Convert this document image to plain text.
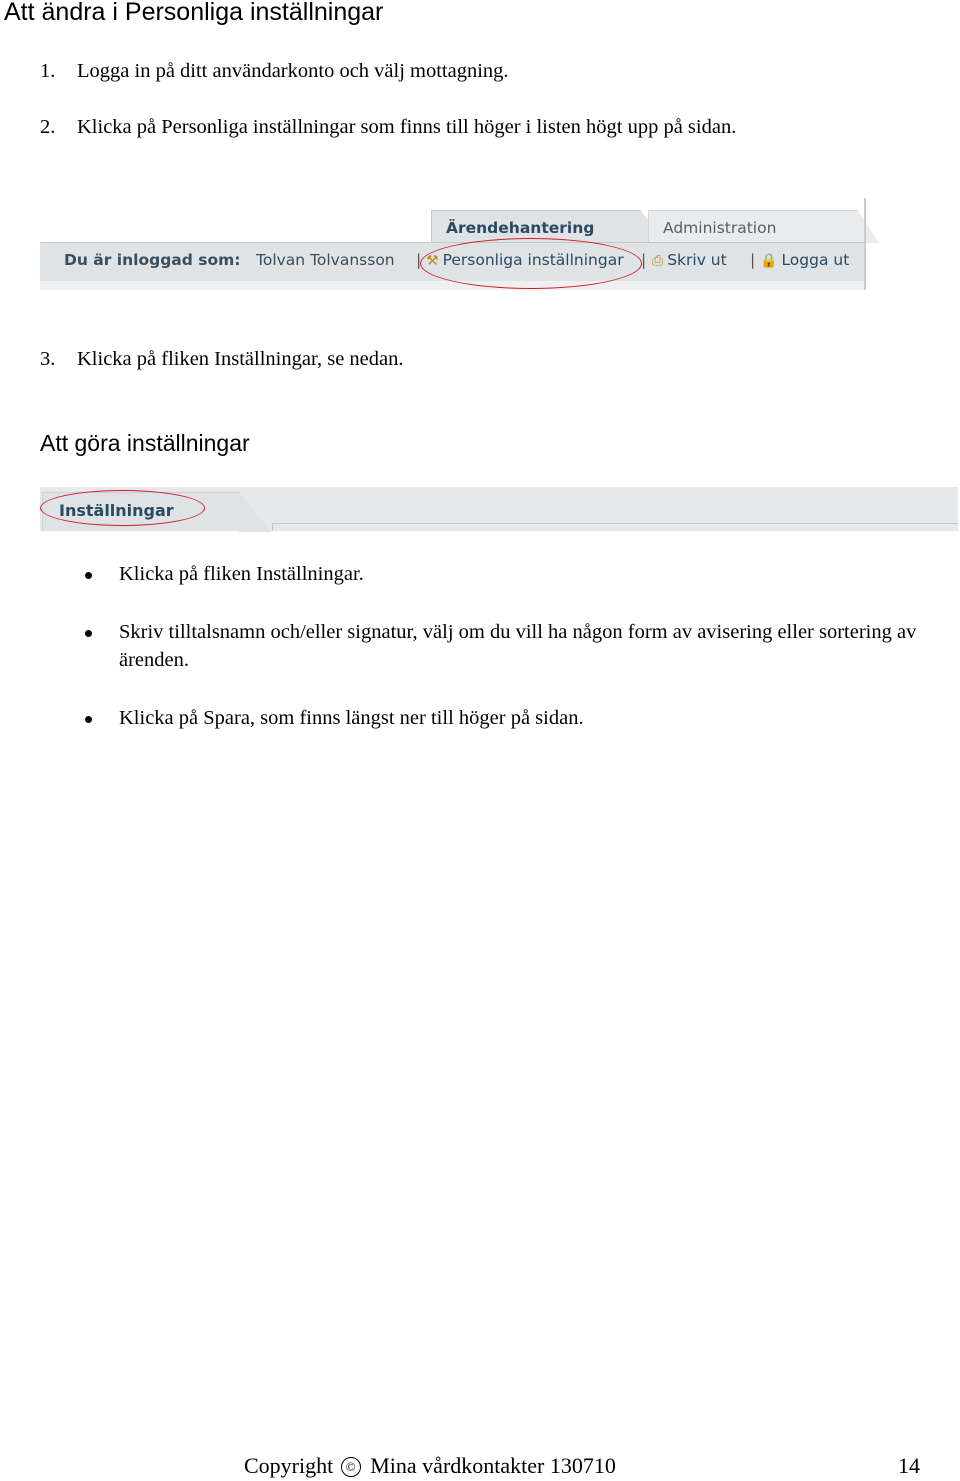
Att ändra i Personliga inställningar
1. Logga in på ditt användarkonto och välj mottagning.
2. Klicka på Personliga inställningar som finns till höger i listen högt upp på sidan.
Ärendehantering	Administration
Du är inloggad som: Tolvan Tolvansson | ⚒ Personliga inställningar | ⎙ Skriv ut | 🔒 Logga ut
3. Klicka på fliken Inställningar, se nedan.
Att göra inställningar
Inställningar
Klicka på fliken Inställningar.
Skriv tilltalsnamn och/eller signatur, välj om du vill ha någon form av avisering eller sortering av ärenden.
Klicka på Spara, som finns längst ner till höger på sidan.
Copyright © Mina vårdkontakter 130710	14
